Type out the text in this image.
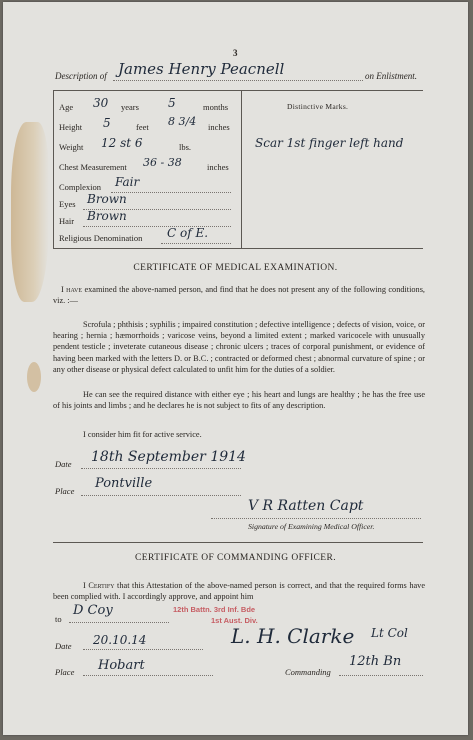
3
Description of James Henry Peacnell	on Enlistment.
Age 30 years 5	months
Height 5	feet 8 3/4 inches
Weight 12 st 6	lbs.
Chest Measurement 36 - 38	inches
Complexion Fair
Eyes Brown
Hair Brown
Religious Denomination C of E.
Distinctive Marks.
Scar 1st finger left hand
CERTIFICATE OF MEDICAL EXAMINATION.
I have examined the above-named person, and find that he does not present any of the following conditions, viz. :—
Scrofula ; phthisis ; syphilis ; impaired constitution ; defective intelligence ; defects of vision, voice, or hearing ; hernia ; hæmorrhoids ; varicose veins, beyond a limited extent ; marked varicocele with unusually pendent testicle ; inveterate cutaneous disease ; chronic ulcers ; traces of corporal punishment, or evidence of having been marked with the letters D. or B.C. ; contracted or deformed chest ; abnormal curvature of spine ; or any other disease or physical defect calculated to unfit him for the duties of a soldier.
He can see the required distance with either eye ; his heart and lungs are healthy ; he has the free use of his joints and limbs ; and he declares he is not subject to fits of any description.
I consider him fit for active service.
Date 18th September 1914
Place Pontville
V R Ratten Capt
Signature of Examining Medical Officer.
CERTIFICATE OF COMMANDING OFFICER.
I Certify that this Attestation of the above-named person is correct, and that the required forms have been complied with. I accordingly approve, and appoint him
to
D Coy	12th Battn. 3rd Inf. Bde
1st Aust. Div.
Date 20.10.14	L. H. Clarke Lt Col
Place Hobart	Commanding
12th Bn
